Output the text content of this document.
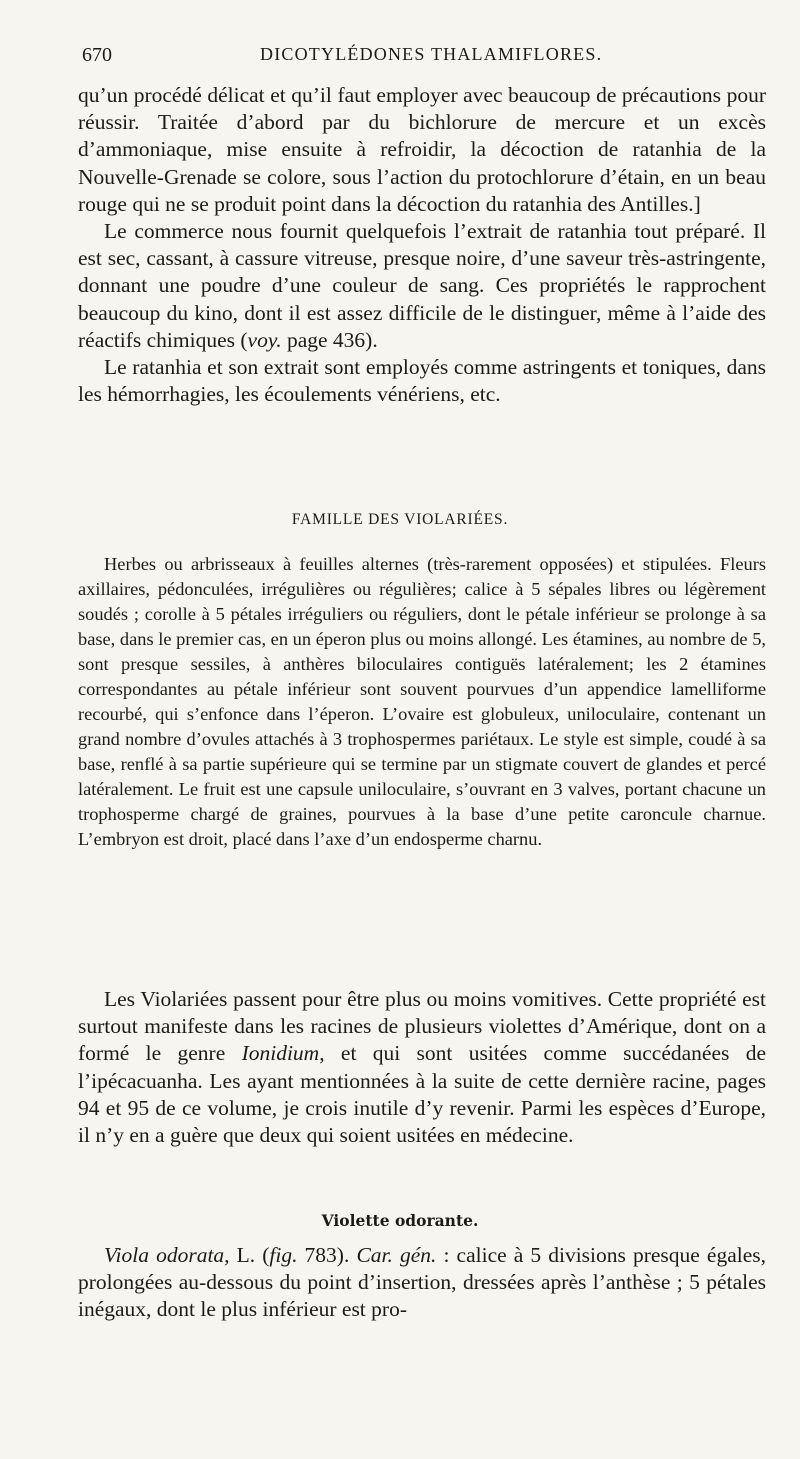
670	DICOTYLÉDONES THALAMIFLORES.

qu’un procédé délicat et qu’il faut employer avec beaucoup de précautions pour réussir. Traitée d’abord par du bichlorure de mercure et un excès d’ammoniaque, mise ensuite à refroidir, la décoction de ratanhia de la Nouvelle-Grenade se colore, sous l’action du protochlorure d’étain, en un beau rouge qui ne se produit point dans la décoction du ratanhia des Antilles.]

Le commerce nous fournit quelquefois l’extrait de ratanhia tout préparé. Il est sec, cassant, à cassure vitreuse, presque noire, d’une saveur très-astringente, donnant une poudre d’une couleur de sang. Ces propriétés le rapprochent beaucoup du kino, dont il est assez difficile de le distinguer, même à l’aide des réactifs chimiques (voy. page 436).

Le ratanhia et son extrait sont employés comme astringents et toniques, dans les hémorrhagies, les écoulements vénériens, etc.

FAMILLE DES VIOLARIÉES.

Herbes ou arbrisseaux à feuilles alternes (très-rarement opposées) et stipulées. Fleurs axillaires, pédonculées, irrégulières ou régulières; calice à 5 sépales libres ou légèrement soudés ; corolle à 5 pétales irréguliers ou réguliers, dont le pétale inférieur se prolonge à sa base, dans le premier cas, en un éperon plus ou moins allongé. Les étamines, au nombre de 5, sont presque sessiles, à anthères biloculaires contiguës latéralement; les 2 étamines correspondantes au pétale inférieur sont souvent pourvues d’un appendice lamelliforme recourbé, qui s’enfonce dans l’éperon. L’ovaire est globuleux, uniloculaire, contenant un grand nombre d’ovules attachés à 3 trophospermes pariétaux. Le style est simple, coudé à sa base, renflé à sa partie supérieure qui se termine par un stigmate couvert de glandes et percé latéralement. Le fruit est une capsule uniloculaire, s’ouvrant en 3 valves, portant chacune un trophosperme chargé de graines, pourvues à la base d’une petite caroncule charnue. L’embryon est droit, placé dans l’axe d’un endosperme charnu.

Les Violariées passent pour être plus ou moins vomitives. Cette propriété est surtout manifeste dans les racines de plusieurs violettes d’Amérique, dont on a formé le genre Ionidium, et qui sont usitées comme succédanées de l’ipécacuanha. Les ayant mentionnées à la suite de cette dernière racine, pages 94 et 95 de ce volume, je crois inutile d’y revenir. Parmi les espèces d’Europe, il n’y en a guère que deux qui soient usitées en médecine.

Violette odorante.

Viola odorata, L. (fig. 783). Car. gén. : calice à 5 divisions presque égales, prolongées au-dessous du point d’insertion, dressées après l’anthèse ; 5 pétales inégaux, dont le plus inférieur est pro-
